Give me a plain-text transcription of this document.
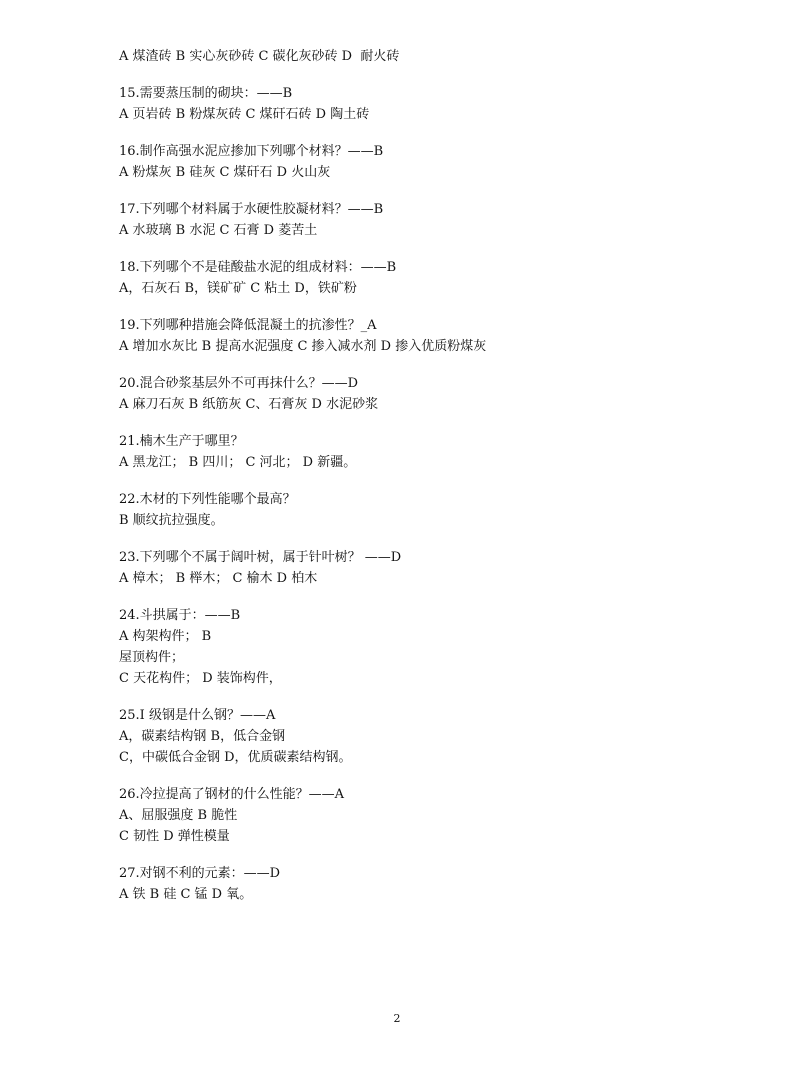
A 煤渣砖 B 实心灰砂砖 C 碳化灰砂砖 D  耐火砖
15.需要蒸压制的砌块：——B
A 页岩砖 B 粉煤灰砖 C 煤矸石砖 D 陶土砖
16.制作高强水泥应掺加下列哪个材料？——B
A 粉煤灰 B 硅灰 C 煤矸石 D 火山灰
17.下列哪个材料属于水硬性胶凝材料？——B
A 水玻璃 B 水泥 C 石膏 D 菱苦土
18.下列哪个不是硅酸盐水泥的组成材料：——B
A，石灰石 B，镁矿矿 C 粘土 D，铁矿粉
19.下列哪种措施会降低混凝土的抗渗性？_A
A 增加水灰比 B 提高水泥强度 C 掺入减水剂 D 掺入优质粉煤灰
20.混合砂浆基层外不可再抹什么？——D
A 麻刀石灰 B 纸筋灰 C、石膏灰 D 水泥砂浆
21.楠木生产于哪里？
A 黑龙江； B 四川； C 河北； D 新疆。
22.木材的下列性能哪个最高？
B 顺纹抗拉强度。
23.下列哪个不属于阔叶树，属于针叶树？ ——D
A 樟木； B 榉木； C 榆木 D 柏木
24.斗拱属于：——B
A 构架构件； B
屋顶构件；
C 天花构件； D 装饰构件，
25.I 级钢是什么钢？——A
A，碳素结构钢 B，低合金钢
C，中碳低合金钢 D，优质碳素结构钢。
26.冷拉提高了钢材的什么性能？——A
A、屈服强度 B 脆性
C 韧性 D 弹性模量
27.对钢不利的元素：——D
A 铁 B 硅 C 锰 D 氧。
2
